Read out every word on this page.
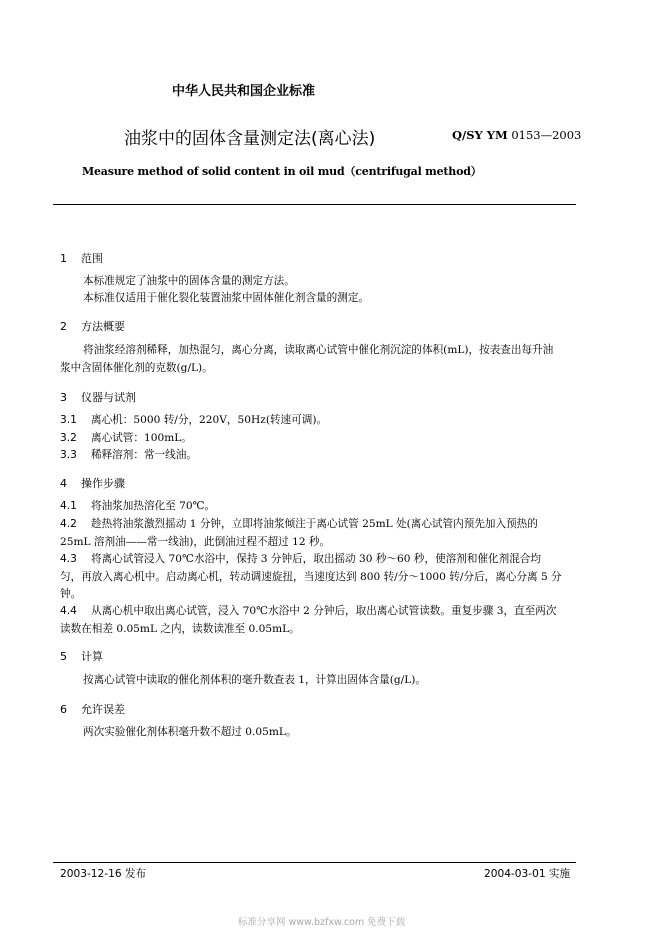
中华人民共和国企业标准
油浆中的固体含量测定法(离心法)	Q/SY YM 0153—2003
Measure method of solid content in oil mud（centrifugal method）
1 范围
本标准规定了油浆中的固体含量的测定方法。
本标准仅适用于催化裂化装置油浆中固体催化剂含量的测定。
2 方法概要
将油浆经溶剂稀释，加热混匀，离心分离，读取离心试管中催化剂沉淀的体积(mL)，按表查出每升油浆中含固体催化剂的克数(g/L)。
3 仪器与试剂
3.1 离心机：5000 转/分，220V，50Hz(转速可调)。
3.2 离心试管：100mL。
3.3 稀释溶剂：常一线油。
4 操作步骤
4.1 将油浆加热溶化至 70℃。
4.2 趁热将油浆激烈摇动 1 分钟，立即将油浆倾注于离心试管 25mL 处(离心试管内预先加入预热的 25mL 溶剂油——常一线油)，此倒油过程不超过 12 秒。
4.3 将离心试管浸入 70℃水浴中，保持 3 分钟后，取出摇动 30 秒～60 秒，使溶剂和催化剂混合均匀，再放入离心机中。启动离心机，转动调速旋扭，当速度达到 800 转/分～1000 转/分后，离心分离 5 分钟。
4.4 从离心机中取出离心试管，浸入 70℃水浴中 2 分钟后，取出离心试管读数。重复步骤 3，直至两次读数在相差 0.05mL 之内，读数读准至 0.05mL。
5 计算
按离心试管中读取的催化剂体积的毫升数查表 1，计算出固体含量(g/L)。
6 允许误差
两次实验催化剂体积毫升数不超过 0.05mL。
2003-12-16 发布	2004-03-01 实施
标准分享网 www.bzfxw.com 免费下载
